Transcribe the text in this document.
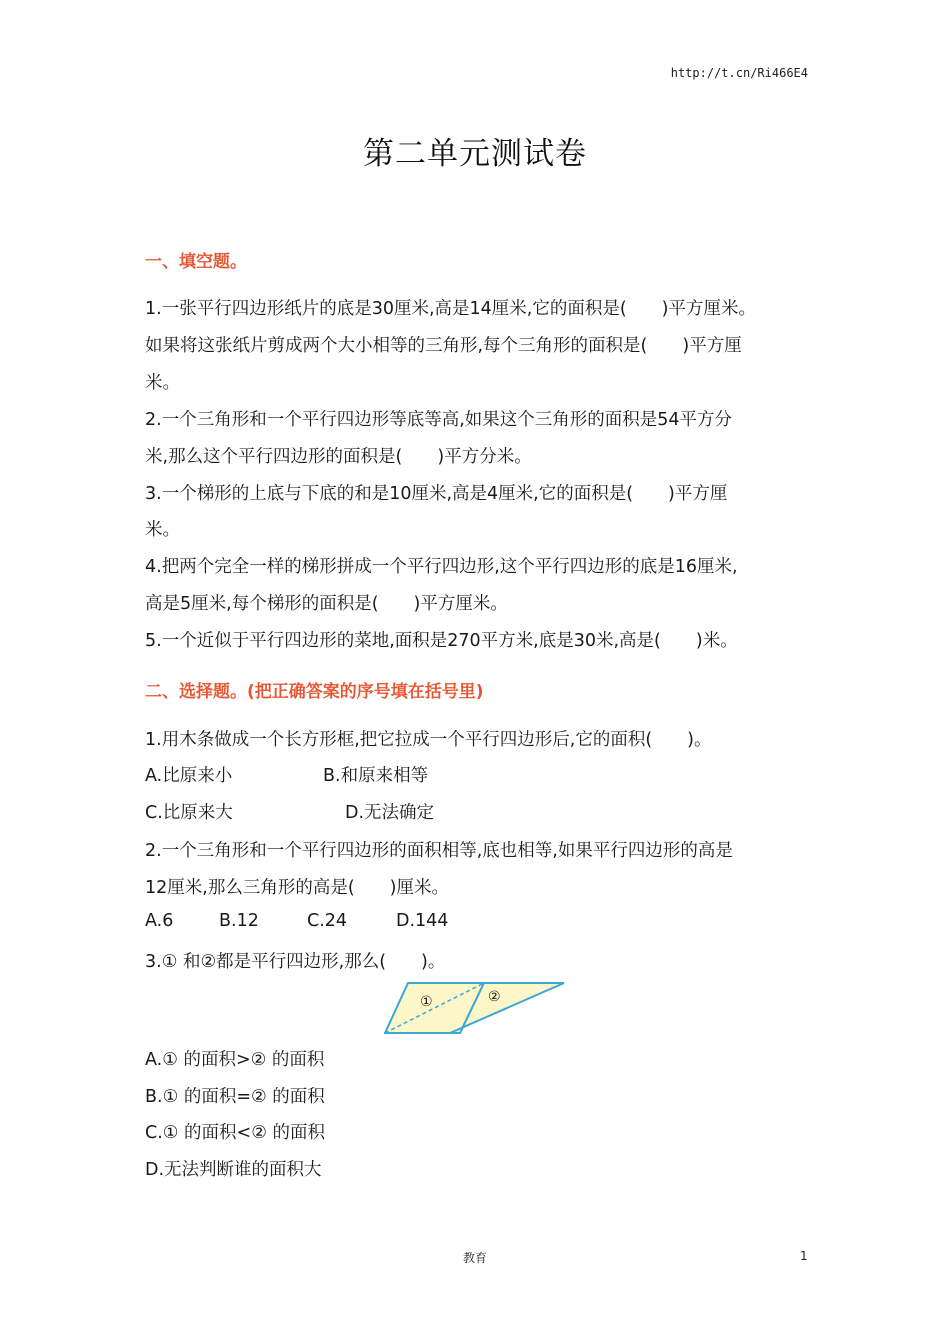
http://t.cn/Ri466E4
第二单元测试卷
一、填空题。
1.一张平行四边形纸片的底是30厘米,高是14厘米,它的面积是(　　)平方厘米。
如果将这张纸片剪成两个大小相等的三角形,每个三角形的面积是(　　)平方厘
米。
2.一个三角形和一个平行四边形等底等高,如果这个三角形的面积是54平方分
米,那么这个平行四边形的面积是(　　)平方分米。
3.一个梯形的上底与下底的和是10厘米,高是4厘米,它的面积是(　　)平方厘
米。
4.把两个完全一样的梯形拼成一个平行四边形,这个平行四边形的底是16厘米,
高是5厘米,每个梯形的面积是(　　)平方厘米。
5.一个近似于平行四边形的菜地,面积是270平方米,底是30米,高是(　　)米。
二、选择题。(把正确答案的序号填在括号里)
1.用木条做成一个长方形框,把它拉成一个平行四边形后,它的面积(　　)。
A.比原来小	B.和原来相等
C.比原来大	D.无法确定
2.一个三角形和一个平行四边形的面积相等,底也相等,如果平行四边形的高是
12厘米,那么三角形的高是(　　)厘米。
A.6	B.12	C.24	D.144
3.① 和②都是平行四边形,那么(　　)。
①	②
A.① 的面积>② 的面积
B.① 的面积=② 的面积
C.① 的面积<② 的面积
D.无法判断谁的面积大
教育	1
